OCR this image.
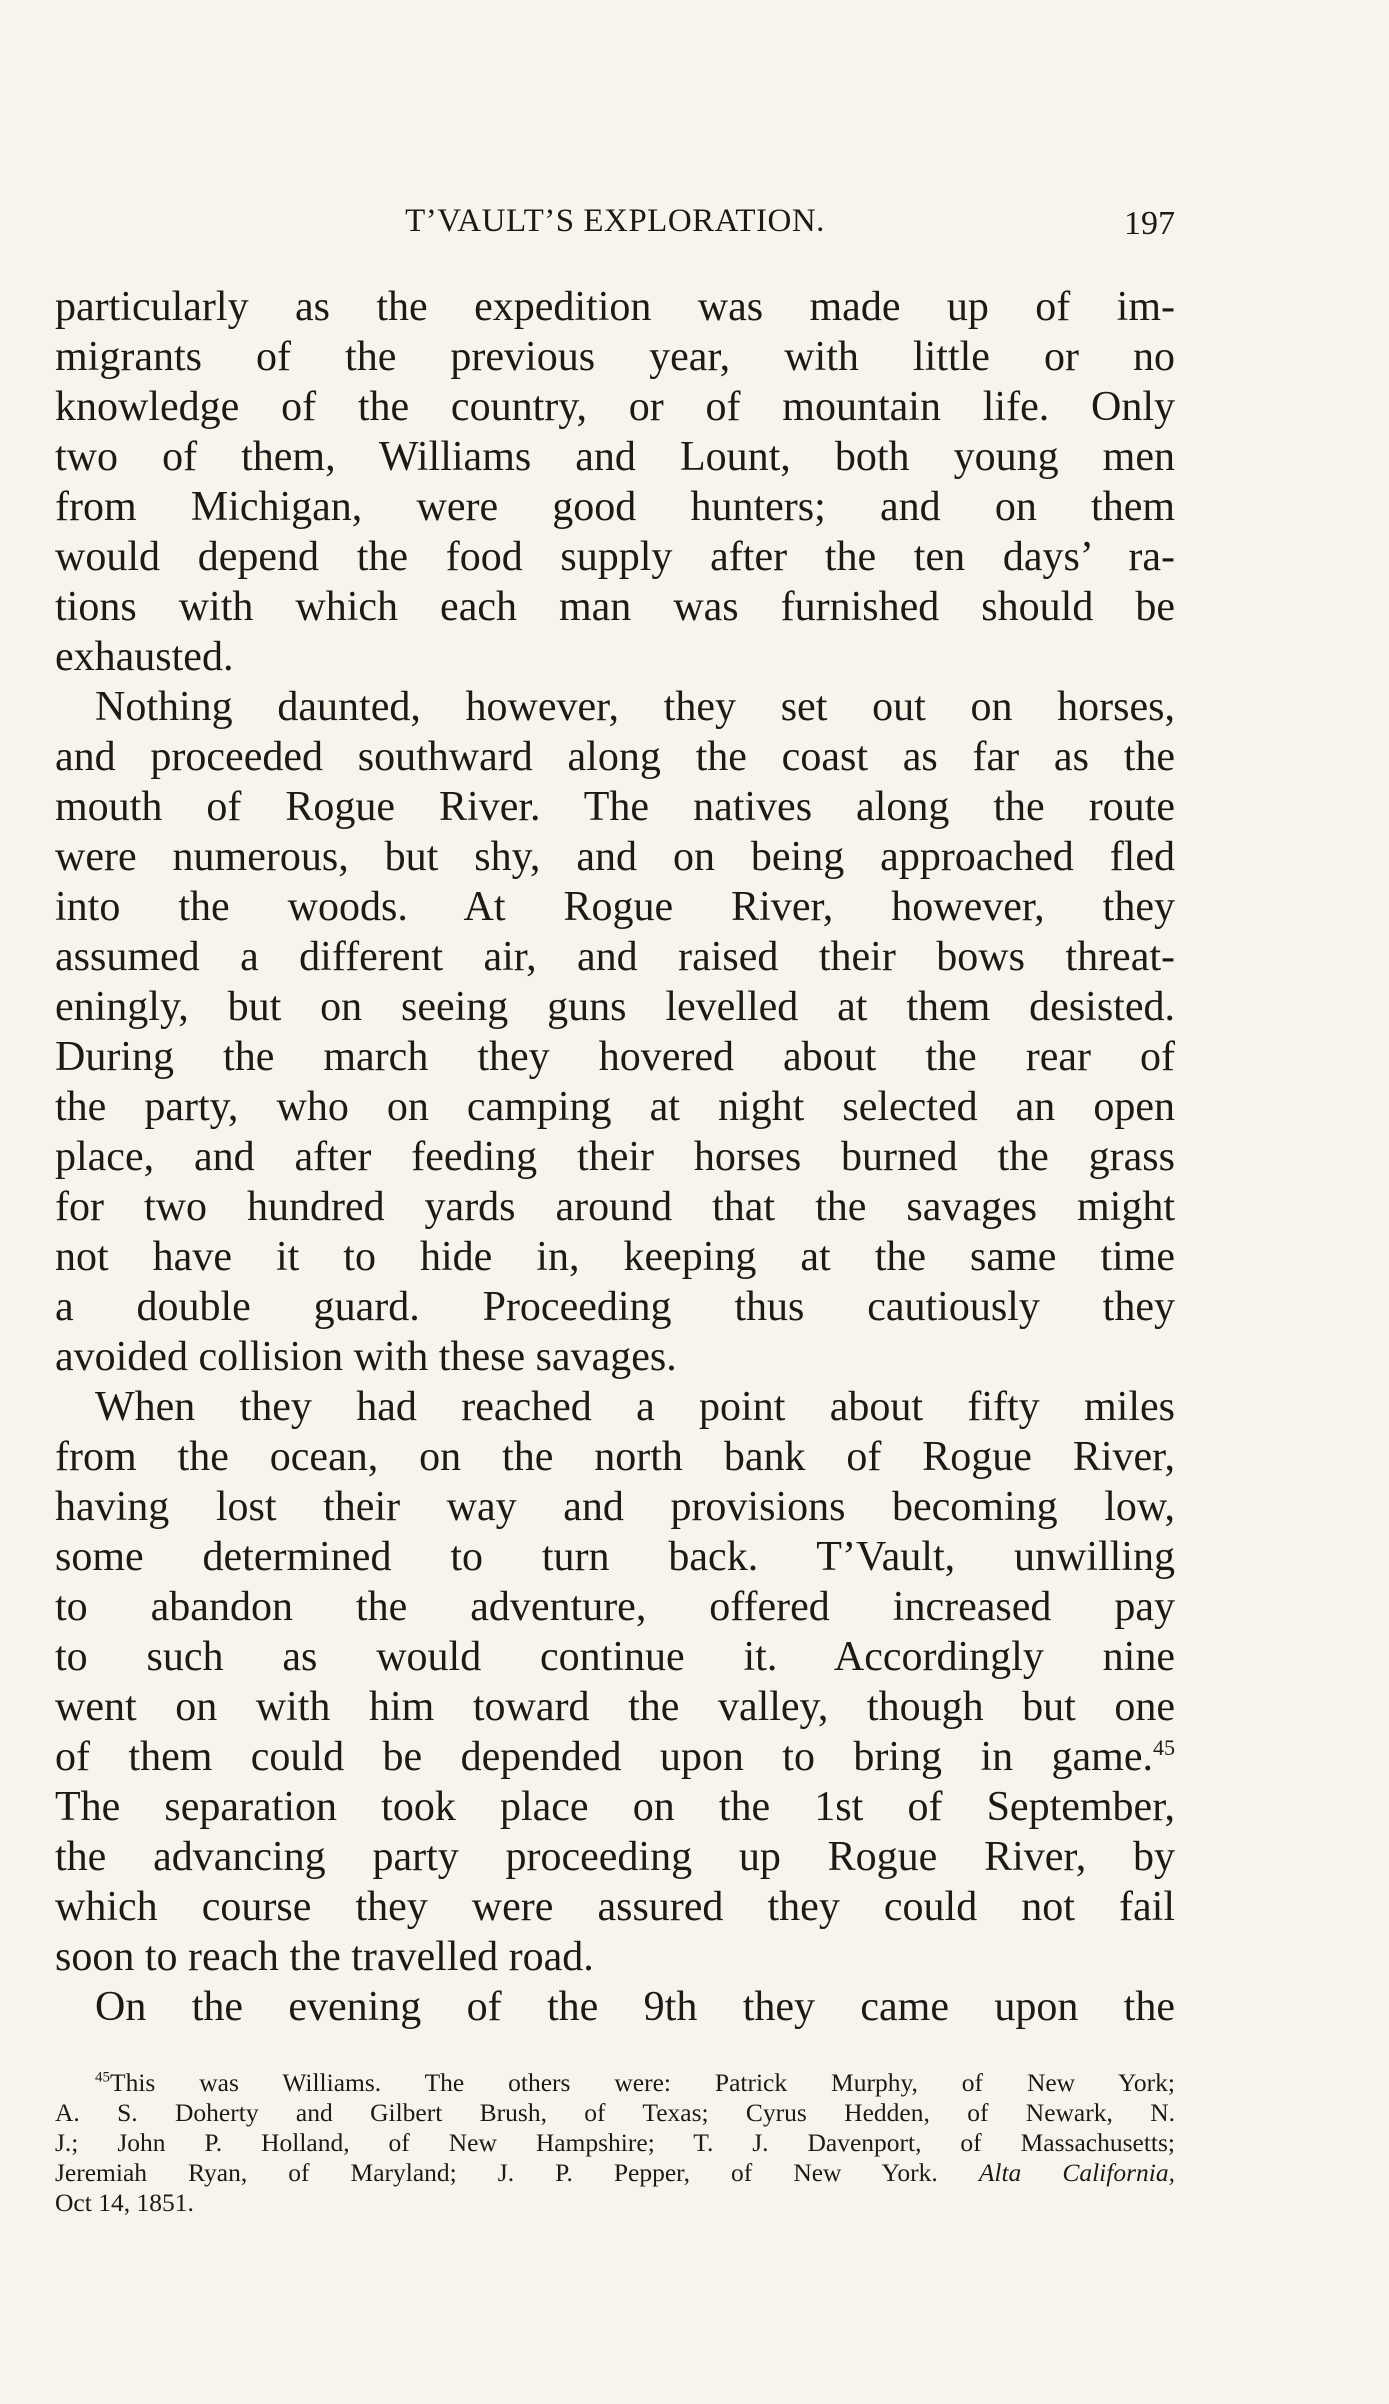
T’VAULT’S EXPLORATION.	197
particularly as the expedition was made up of im-
migrants of the previous year, with little or no
knowledge of the country, or of mountain life. Only
two of them, Williams and Lount, both young men
from Michigan, were good hunters; and on them
would depend the food supply after the ten days’ ra-
tions with which each man was furnished should be
exhausted.
Nothing daunted, however, they set out on horses,
and proceeded southward along the coast as far as the
mouth of Rogue River. The natives along the route
were numerous, but shy, and on being approached fled
into the woods. At Rogue River, however, they
assumed a different air, and raised their bows threat-
eningly, but on seeing guns levelled at them desisted.
During the march they hovered about the rear of
the party, who on camping at night selected an open
place, and after feeding their horses burned the grass
for two hundred yards around that the savages might
not have it to hide in, keeping at the same time
a double guard. Proceeding thus cautiously they
avoided collision with these savages.
When they had reached a point about fifty miles
from the ocean, on the north bank of Rogue River,
having lost their way and provisions becoming low,
some determined to turn back. T’Vault, unwilling
to abandon the adventure, offered increased pay
to such as would continue it. Accordingly nine
went on with him toward the valley, though but one
of them could be depended upon to bring in game.$^{45}$
The separation took place on the 1st of September,
the advancing party proceeding up Rogue River, by
which course they were assured they could not fail
soon to reach the travelled road.
On the evening of the 9th they came upon the
$^{45}$This was Williams. The others were: Patrick Murphy, of New York;
A. S. Doherty and Gilbert Brush, of Texas; Cyrus Hedden, of Newark, N.
J.; John P. Holland, of New Hampshire; T. J. Davenport, of Massachusetts;
Jeremiah Ryan, of Maryland; J. P. Pepper, of New York. Alta California,
Oct 14, 1851.
